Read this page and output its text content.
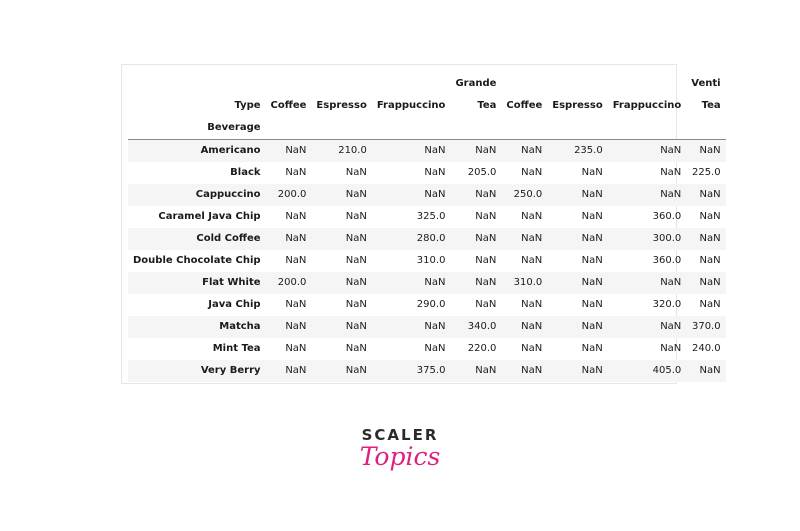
				Grande				Venti
Type	Coffee	Espresso	Frappuccino	Tea	Coffee	Espresso	Frappuccino	Tea
Beverage								
Americano	NaN	210.0	NaN	NaN	NaN	235.0	NaN	NaN
Black	NaN	NaN	NaN	205.0	NaN	NaN	NaN	225.0
Cappuccino	200.0	NaN	NaN	NaN	250.0	NaN	NaN	NaN
Caramel Java Chip	NaN	NaN	325.0	NaN	NaN	NaN	360.0	NaN
Cold Coffee	NaN	NaN	280.0	NaN	NaN	NaN	300.0	NaN
Double Chocolate Chip	NaN	NaN	310.0	NaN	NaN	NaN	360.0	NaN
Flat White	200.0	NaN	NaN	NaN	310.0	NaN	NaN	NaN
Java Chip	NaN	NaN	290.0	NaN	NaN	NaN	320.0	NaN
Matcha	NaN	NaN	NaN	340.0	NaN	NaN	NaN	370.0
Mint Tea	NaN	NaN	NaN	220.0	NaN	NaN	NaN	240.0
Very Berry	NaN	NaN	375.0	NaN	NaN	NaN	405.0	NaN
SCALER
Topics
